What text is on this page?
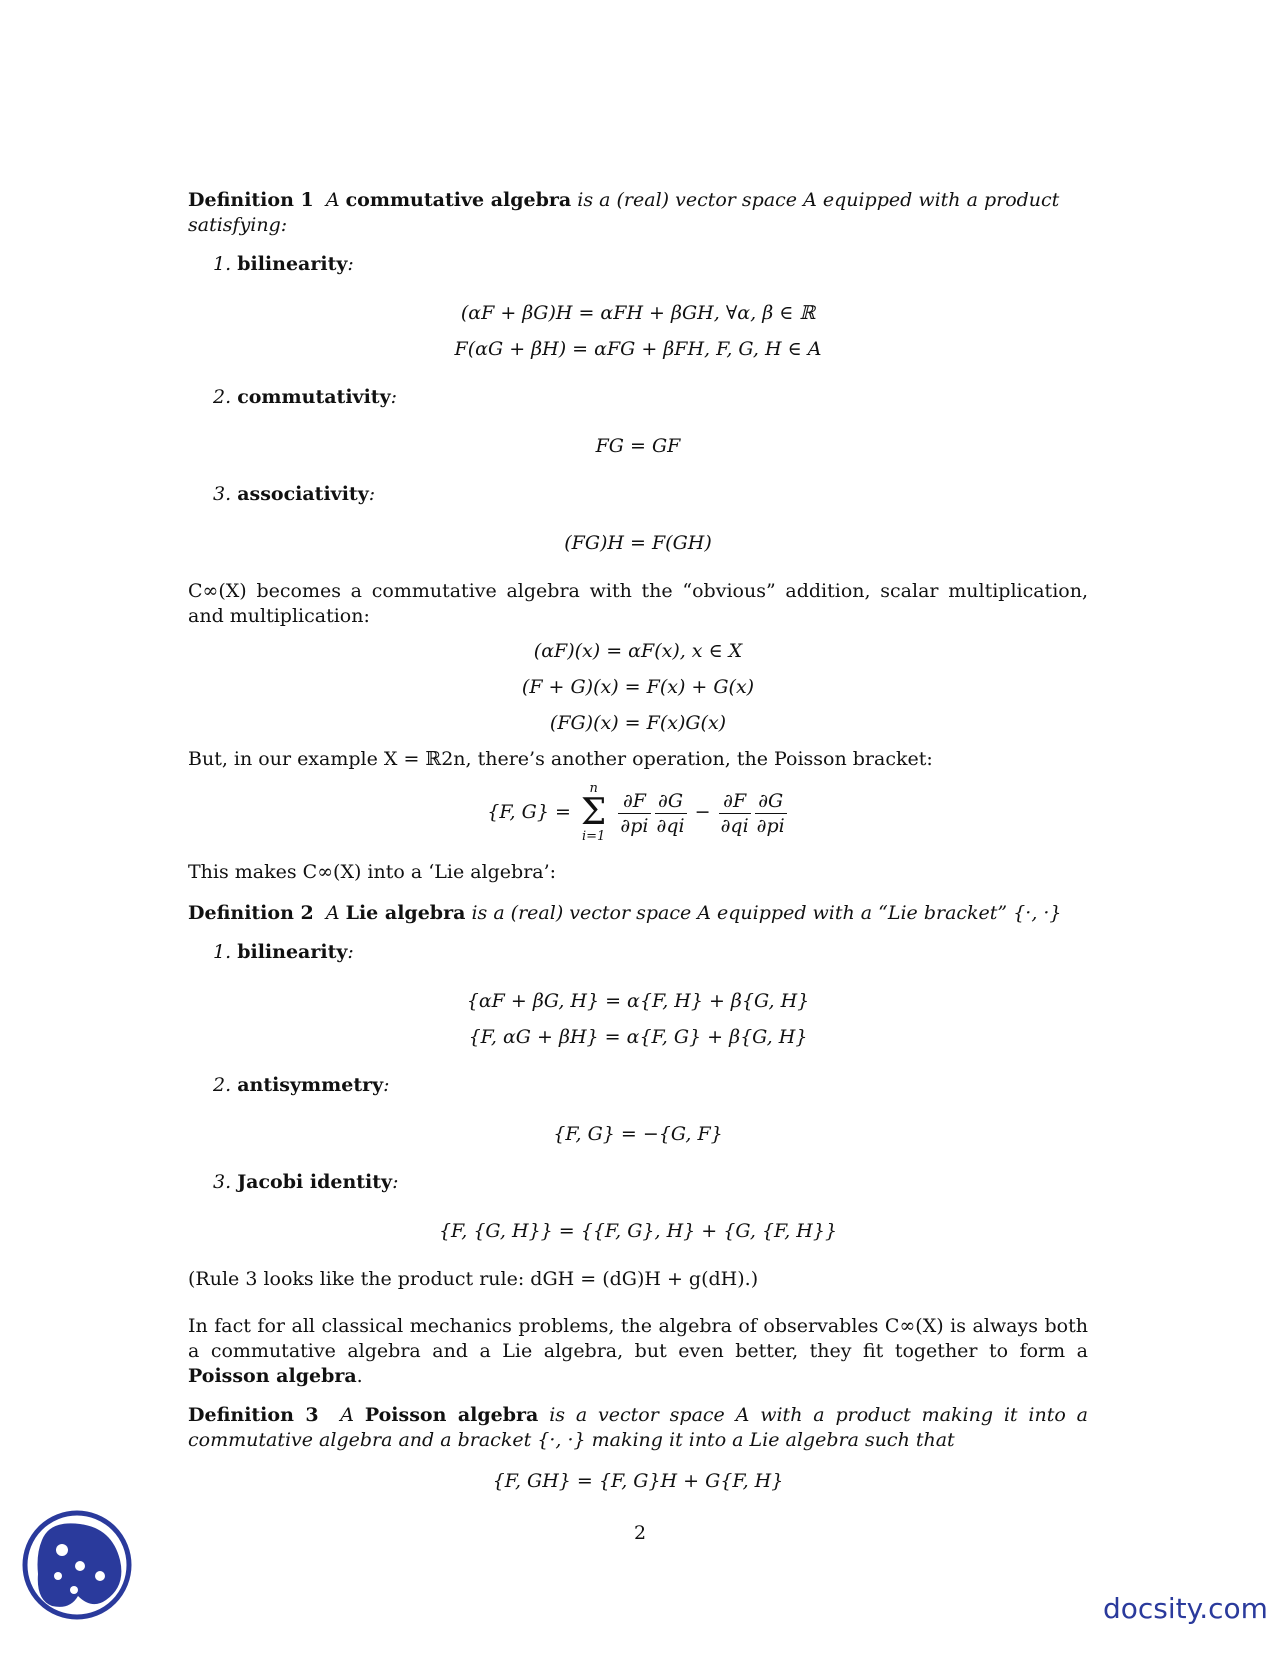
Definition 1 A commutative algebra is a (real) vector space A equipped with a product satisfying:
1. bilinearity:
(αF + βG)H = αFH + βGH, ∀α, β ∈ ℝ
F(αG + βH) = αFG + βFH, F, G, H ∈ A
2. commutativity:
FG = GF
3. associativity:
(FG)H = F(GH)
C∞(X) becomes a commutative algebra with the “obvious” addition, scalar multiplication, and multiplication:
(αF)(x) = αF(x), x ∈ X
(F + G)(x) = F(x) + G(x)
(FG)(x) = F(x)G(x)
But, in our example X = ℝ2n, there’s another operation, the Poisson bracket:
{F, G} =
n
Σ
i=1
$\frac{\partial F}{\partial pi} \frac{\partial G}{\partial qi} - \frac{\partial F}{\partial qi} \frac{\partial G}{\partial pi}$
This makes C∞(X) into a ‘Lie algebra’:
Definition 2 A Lie algebra is a (real) vector space A equipped with a “Lie bracket” {·, ·}
1. bilinearity:
{αF + βG, H} = α{F, H} + β{G, H}
{F, αG + βH} = α{F, G} + β{G, H}
2. antisymmetry:
{F, G} = −{G, F}
3. Jacobi identity:
{F, {G, H}} = {{F, G}, H} + {G, {F, H}}
(Rule 3 looks like the product rule: dGH = (dG)H + g(dH).)
In fact for all classical mechanics problems, the algebra of observables C∞(X) is always both a commutative algebra and a Lie algebra, but even better, they fit together to form a Poisson algebra.
Definition 3 A Poisson algebra is a vector space A with a product making it into a commutative algebra and a bracket {·, ·} making it into a Lie algebra such that
{F, GH} = {F, G}H + G{F, H}
2
docsity.com
